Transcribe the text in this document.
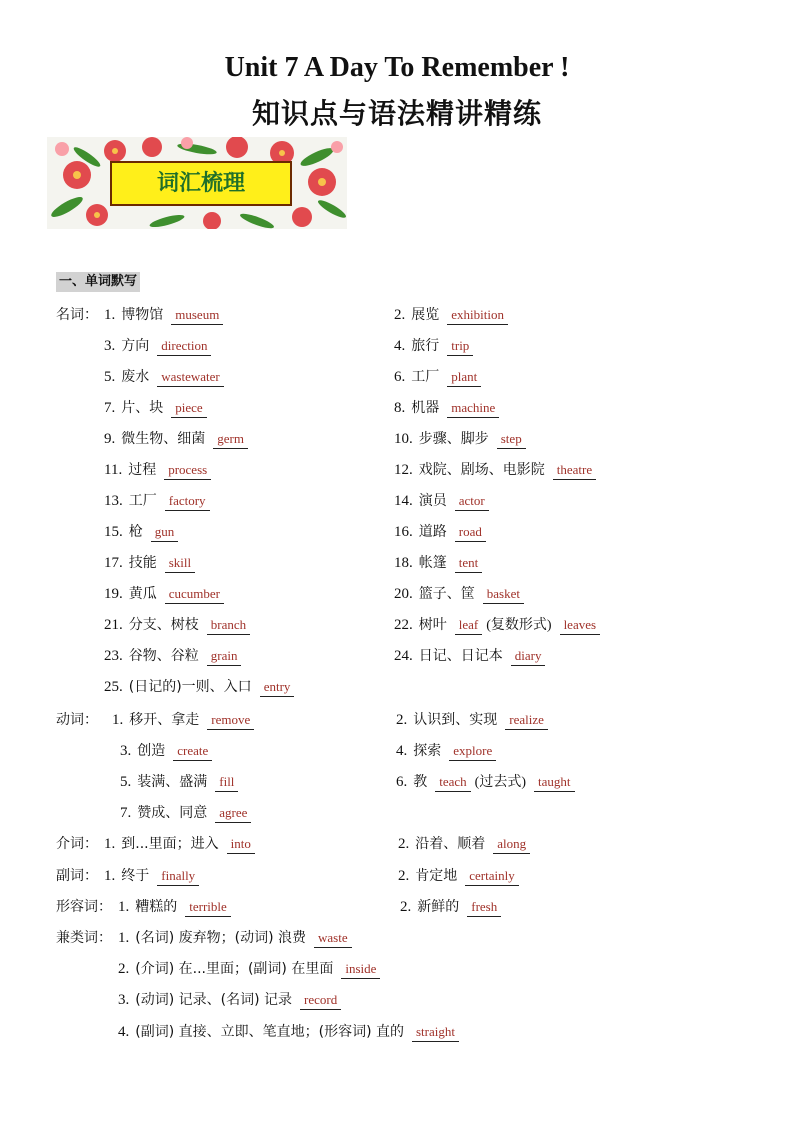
Unit 7 A Day To Remember !
知识点与语法精讲精练
词汇梳理
一、单词默写
名词： 1. 博物馆 museum	2. 展览 exhibition
3. 方向 direction	4. 旅行 trip
5. 废水 wastewater	6. 工厂 plant
7. 片、块 piece	8. 机器 machine
9. 微生物、细菌 germ	10. 步骤、脚步 step
11. 过程 process	12. 戏院、剧场、电影院 theatre
13. 工厂 factory	14. 演员 actor
15. 枪 gun	16. 道路 road
17. 技能 skill	18. 帐篷 tent
19. 黄瓜 cucumber	20. 篮子、筐 basket
21. 分支、树枝 branch	22. 树叶 leaf (复数形式) leaves
23. 谷物、谷粒 grain	24. 日记、日记本 diary
25. (日记的)一则、入口 entry
动词： 1. 移开、拿走 remove	2. 认识到、实现 realize
3. 创造 create	4. 探索 explore
5. 装满、盛满 fill	6. 教 teach (过去式) taught
7. 赞成、同意 agree
介词： 1. 到...里面；进入 into	2. 沿着、顺着 along
副词： 1. 终于 finally	2. 肯定地 certainly
形容词： 1. 糟糕的 terrible	2. 新鲜的 fresh
兼类词： 1. (名词) 废弃物；(动词) 浪费 waste
2. (介词) 在...里面；(副词) 在里面 inside
3. (动词) 记录、(名词) 记录 record
4. (副词) 直接、立即、笔直地；(形容词) 直的 straight
